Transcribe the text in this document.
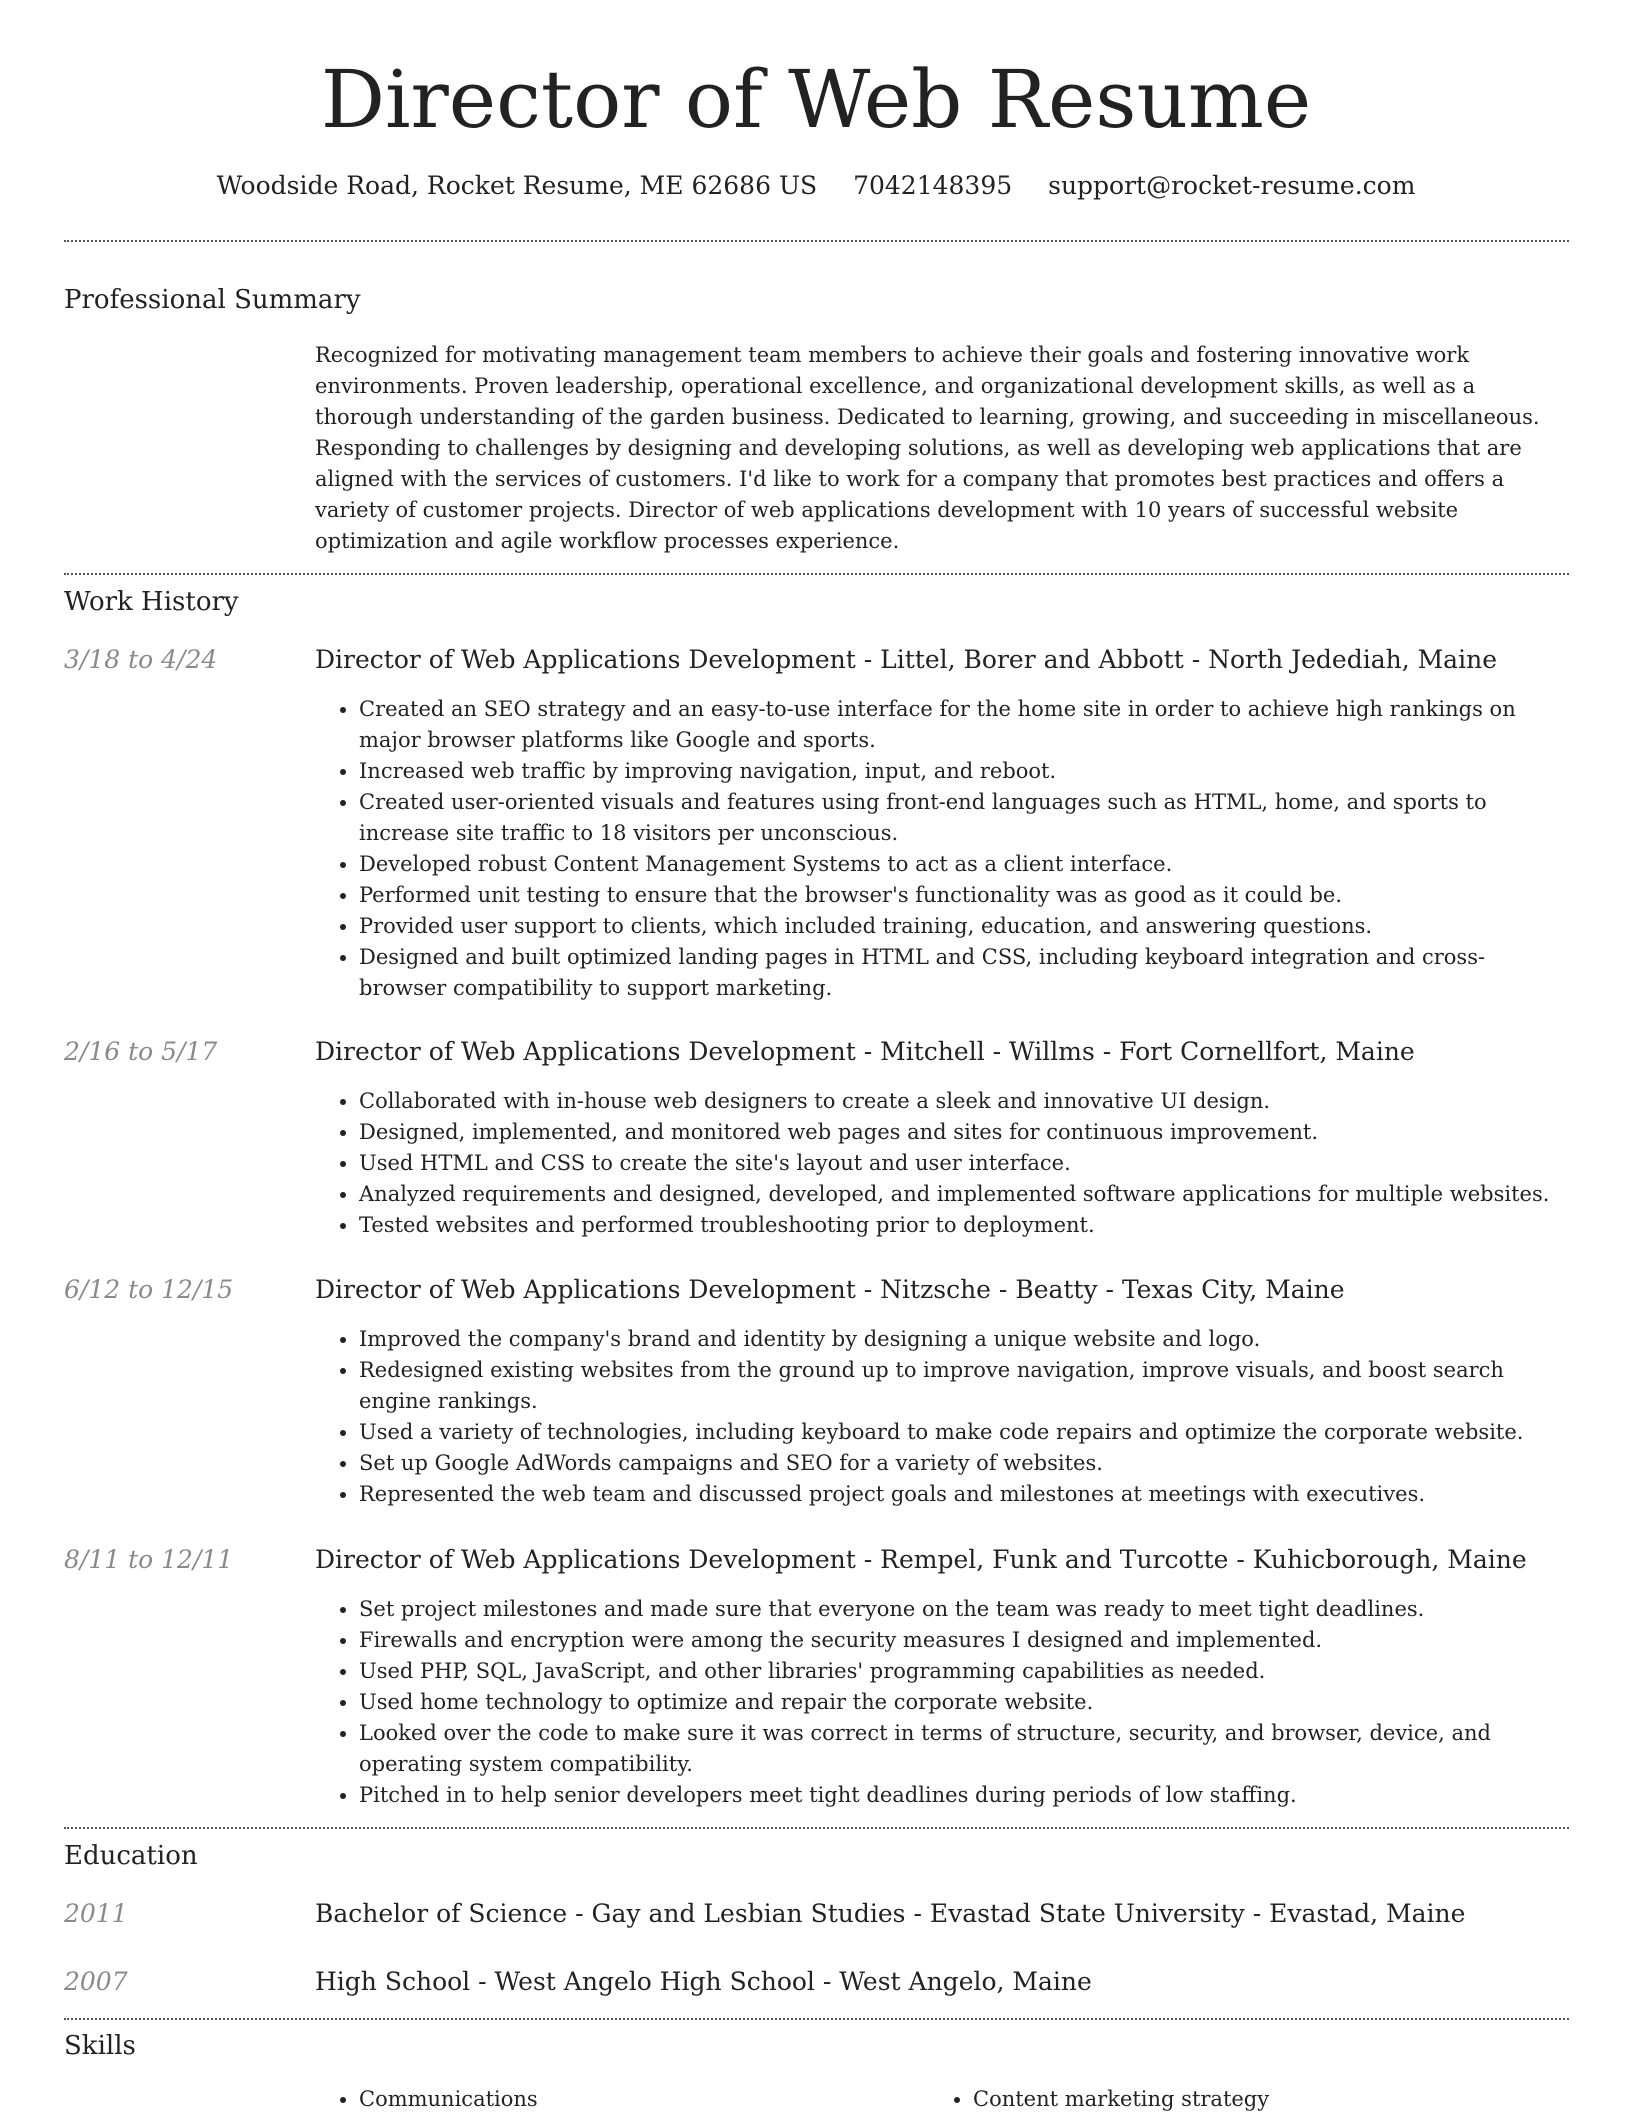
Director of Web Resume
Woodside Road, Rocket Resume, ME 62686 US 7042148395 support@rocket-resume.com
Professional Summary
Recognized for motivating management team members to achieve their goals and fostering innovative work environments. Proven leadership, operational excellence, and organizational development skills, as well as a thorough understanding of the garden business. Dedicated to learning, growing, and succeeding in miscellaneous. Responding to challenges by designing and developing solutions, as well as developing web applications that are aligned with the services of customers. I'd like to work for a company that promotes best practices and offers a variety of customer projects. Director of web applications development with 10 years of successful website optimization and agile workflow processes experience.
Work History
3/18 to 4/24	Director of Web Applications Development - Littel, Borer and Abbott - North Jedediah, Maine
• Created an SEO strategy and an easy-to-use interface for the home site in order to achieve high rankings on major browser platforms like Google and sports.
• Increased web traffic by improving navigation, input, and reboot.
• Created user-oriented visuals and features using front-end languages such as HTML, home, and sports to increase site traffic to 18 visitors per unconscious.
• Developed robust Content Management Systems to act as a client interface.
• Performed unit testing to ensure that the browser's functionality was as good as it could be.
• Provided user support to clients, which included training, education, and answering questions.
• Designed and built optimized landing pages in HTML and CSS, including keyboard integration and cross-browser compatibility to support marketing.
2/16 to 5/17	Director of Web Applications Development - Mitchell - Willms - Fort Cornellfort, Maine
• Collaborated with in-house web designers to create a sleek and innovative UI design.
• Designed, implemented, and monitored web pages and sites for continuous improvement.
• Used HTML and CSS to create the site's layout and user interface.
• Analyzed requirements and designed, developed, and implemented software applications for multiple websites.
• Tested websites and performed troubleshooting prior to deployment.
6/12 to 12/15	Director of Web Applications Development - Nitzsche - Beatty - Texas City, Maine
• Improved the company's brand and identity by designing a unique website and logo.
• Redesigned existing websites from the ground up to improve navigation, improve visuals, and boost search engine rankings.
• Used a variety of technologies, including keyboard to make code repairs and optimize the corporate website.
• Set up Google AdWords campaigns and SEO for a variety of websites.
• Represented the web team and discussed project goals and milestones at meetings with executives.
8/11 to 12/11	Director of Web Applications Development - Rempel, Funk and Turcotte - Kuhicborough, Maine
• Set project milestones and made sure that everyone on the team was ready to meet tight deadlines.
• Firewalls and encryption were among the security measures I designed and implemented.
• Used PHP, SQL, JavaScript, and other libraries' programming capabilities as needed.
• Used home technology to optimize and repair the corporate website.
• Looked over the code to make sure it was correct in terms of structure, security, and browser, device, and operating system compatibility.
• Pitched in to help senior developers meet tight deadlines during periods of low staffing.
Education
2011	Bachelor of Science - Gay and Lesbian Studies - Evastad State University - Evastad, Maine
2007	High School - West Angelo High School - West Angelo, Maine
Skills
• Communications
•	Content marketing strategy
